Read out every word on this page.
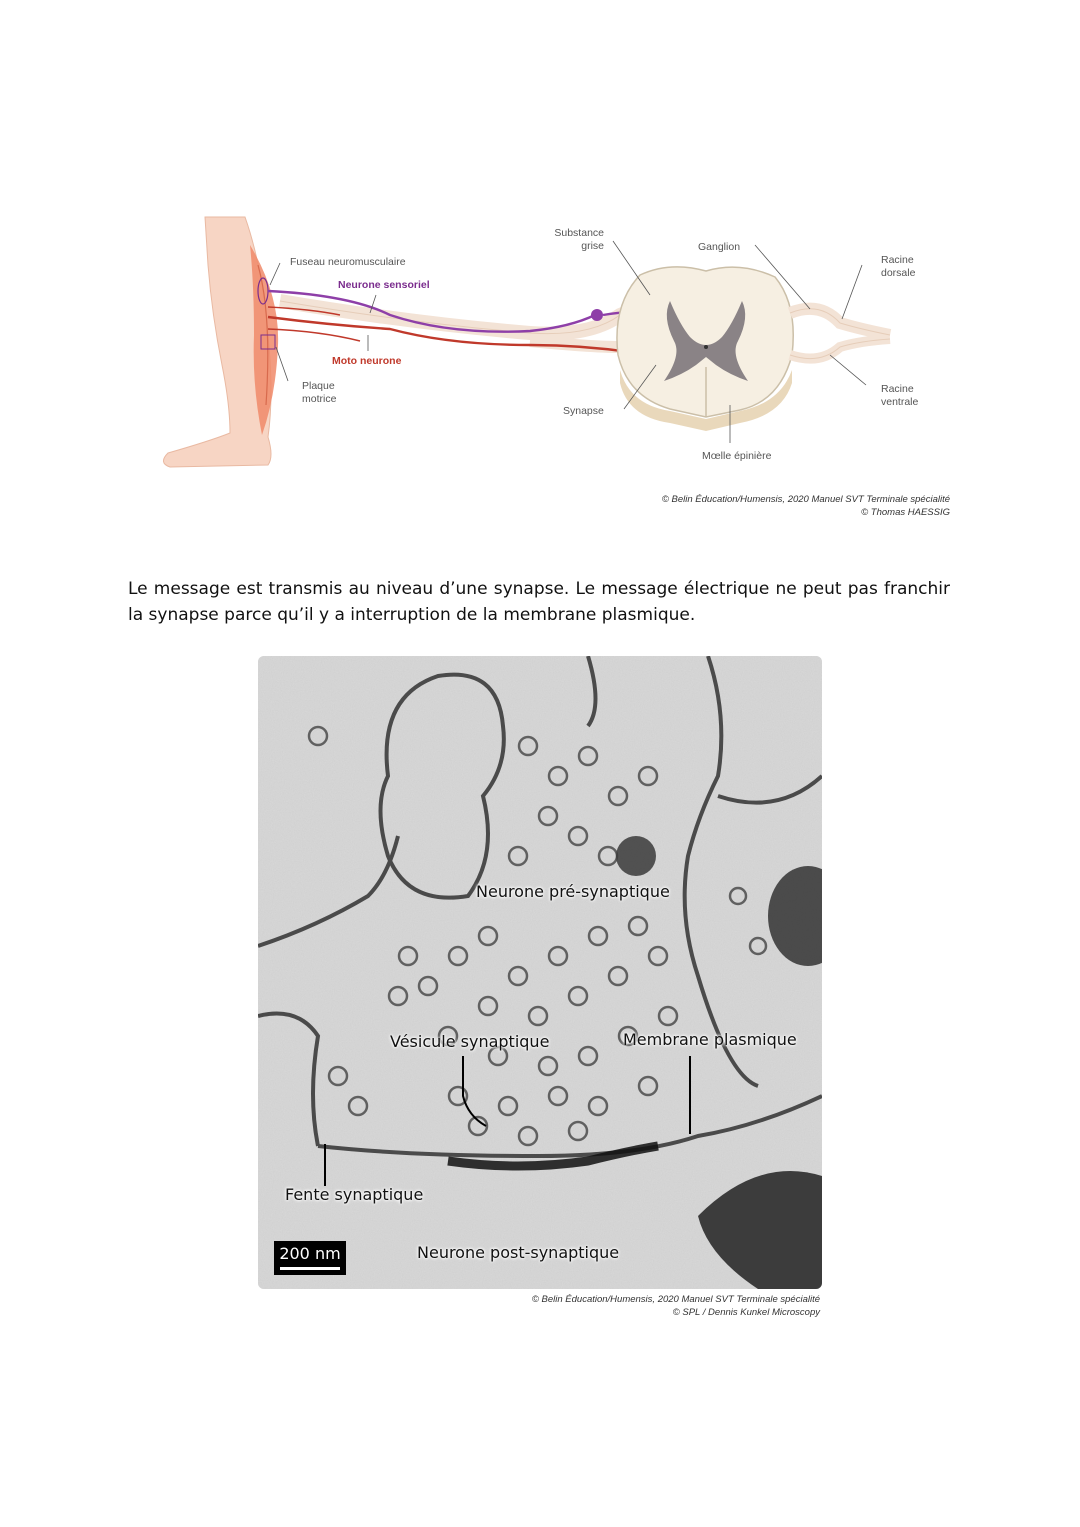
Fuseau neuromusculaire
Neurone sensoriel
Moto neurone
Plaque
motrice
Substance
grise	Ganglion
Racine
dorsale
Synapse
Racine
ventrale
Mœlle épinière
© Belin Éducation/Humensis, 2020 Manuel SVT Terminale spécialité
© Thomas HAESSIG
Le message est transmis au niveau d’une synapse. Le message électrique ne peut pas franchir la synapse parce qu’il y a interruption de la membrane plasmique.
Neurone pré-synaptique
Vésicule synaptique	Membrane plasmique
Fente synaptique
Neurone post-synaptique
200 nm
© Belin Éducation/Humensis, 2020 Manuel SVT Terminale spécialité
© SPL / Dennis Kunkel Microscopy
